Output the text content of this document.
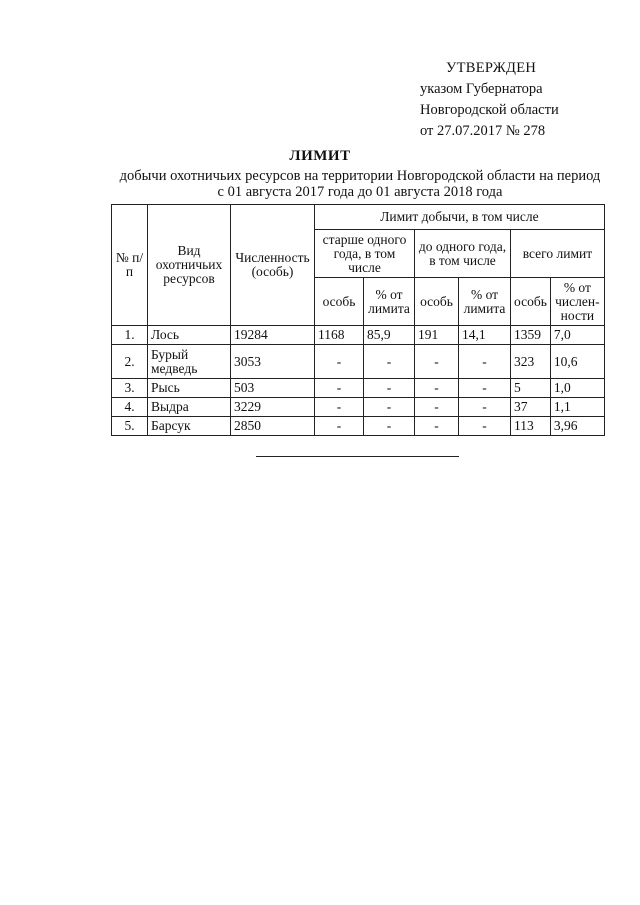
УТВЕРЖДЕН
указом Губернатора
Новгородской области
от 27.07.2017 № 278
ЛИМИТ
добычи охотничьих ресурсов на территории Новгородской области на период
с 01 августа 2017 года до 01 августа 2018 года
№ п/п	Вид охотничьих ресурсов	Численность (особь)	Лимит добычи, в том числе					
			старше одного года, в том числе		до одного года, в том числе		всего лимит	
			особь	% от лимита	особь	% от лимита	особь	% от числен-ности
1.	Лось	19284	1168	85,9	191	14,1	1359	7,0
2.	Бурый медведь	3053	-	-	-	-	323	10,6
3.	Рысь	503	-	-	-	-	5	1,0
4.	Выдра	3229	-	-	-	-	37	1,1
5.	Барсук	2850	-	-	-	-	113	3,96
